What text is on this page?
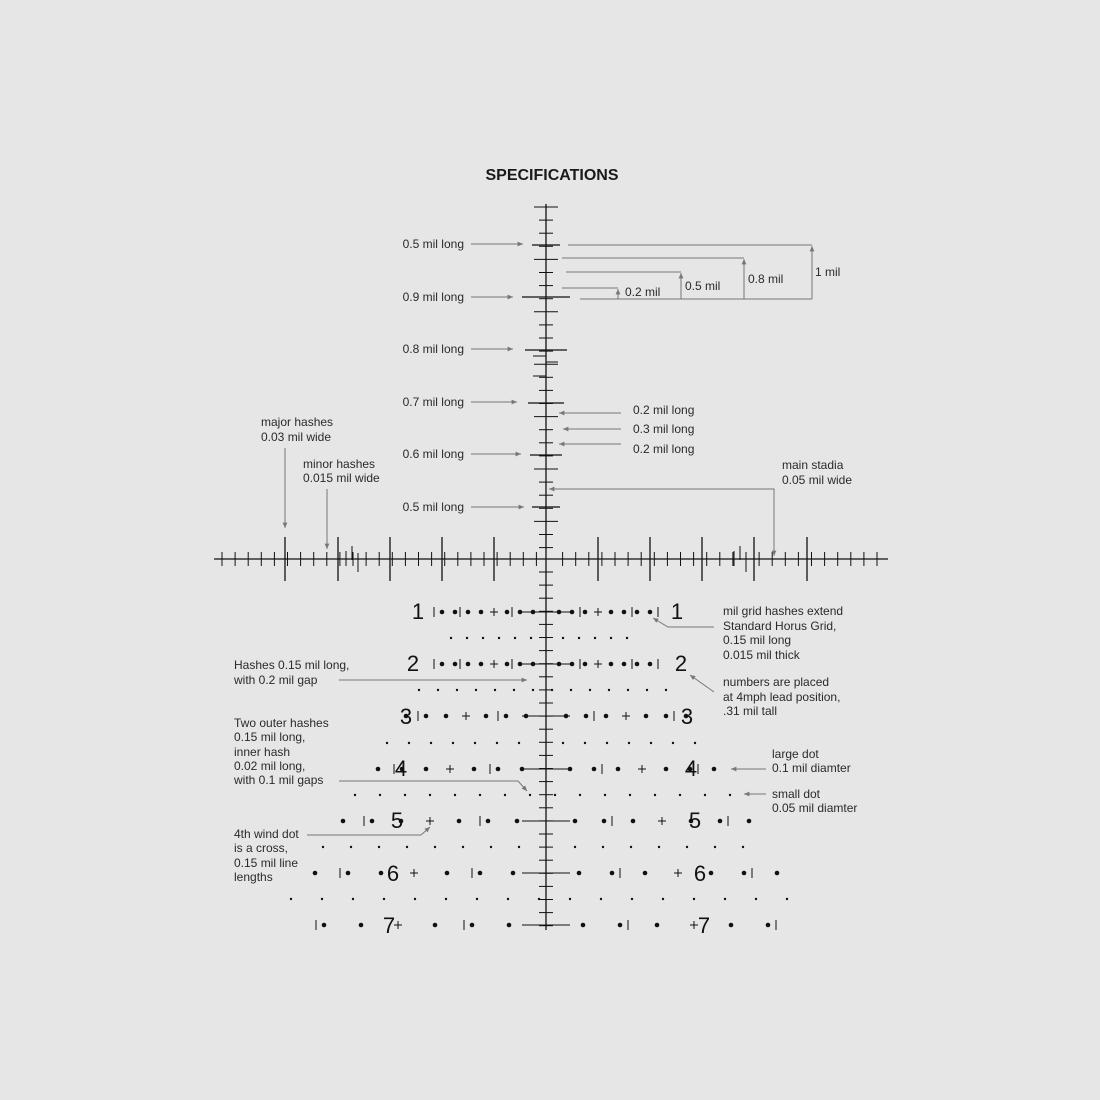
SPECIFICATIONS
1	1
2	2
3	3
4	4
5	5
6	6
7	7
0.5 mil long
0.9 mil long
0.8 mil long
0.7 mil long
0.6 mil long
0.5 mil long
0.2 mil 0.5 mil 0.8 mil	1 mil
0.2 mil long
0.3 mil long
0.2 mil long
major hashes
0.03 mil wide
minor hashes
0.015 mil wide
main stadia
0.05 mil wide
mil grid hashes extend
Standard Horus Grid,
0.15 mil long
0.015 mil thick
numbers are placed
at 4mph lead position,
.31 mil tall
Hashes 0.15 mil long,
with 0.2 mil gap
Two outer hashes
0.15 mil long,
inner hash
0.02 mil long,
with 0.1 mil gaps
large dot
0.1 mil diamter
small dot
0.05 mil diamter
4th wind dot
is a cross,
0.15 mil line
lengths
